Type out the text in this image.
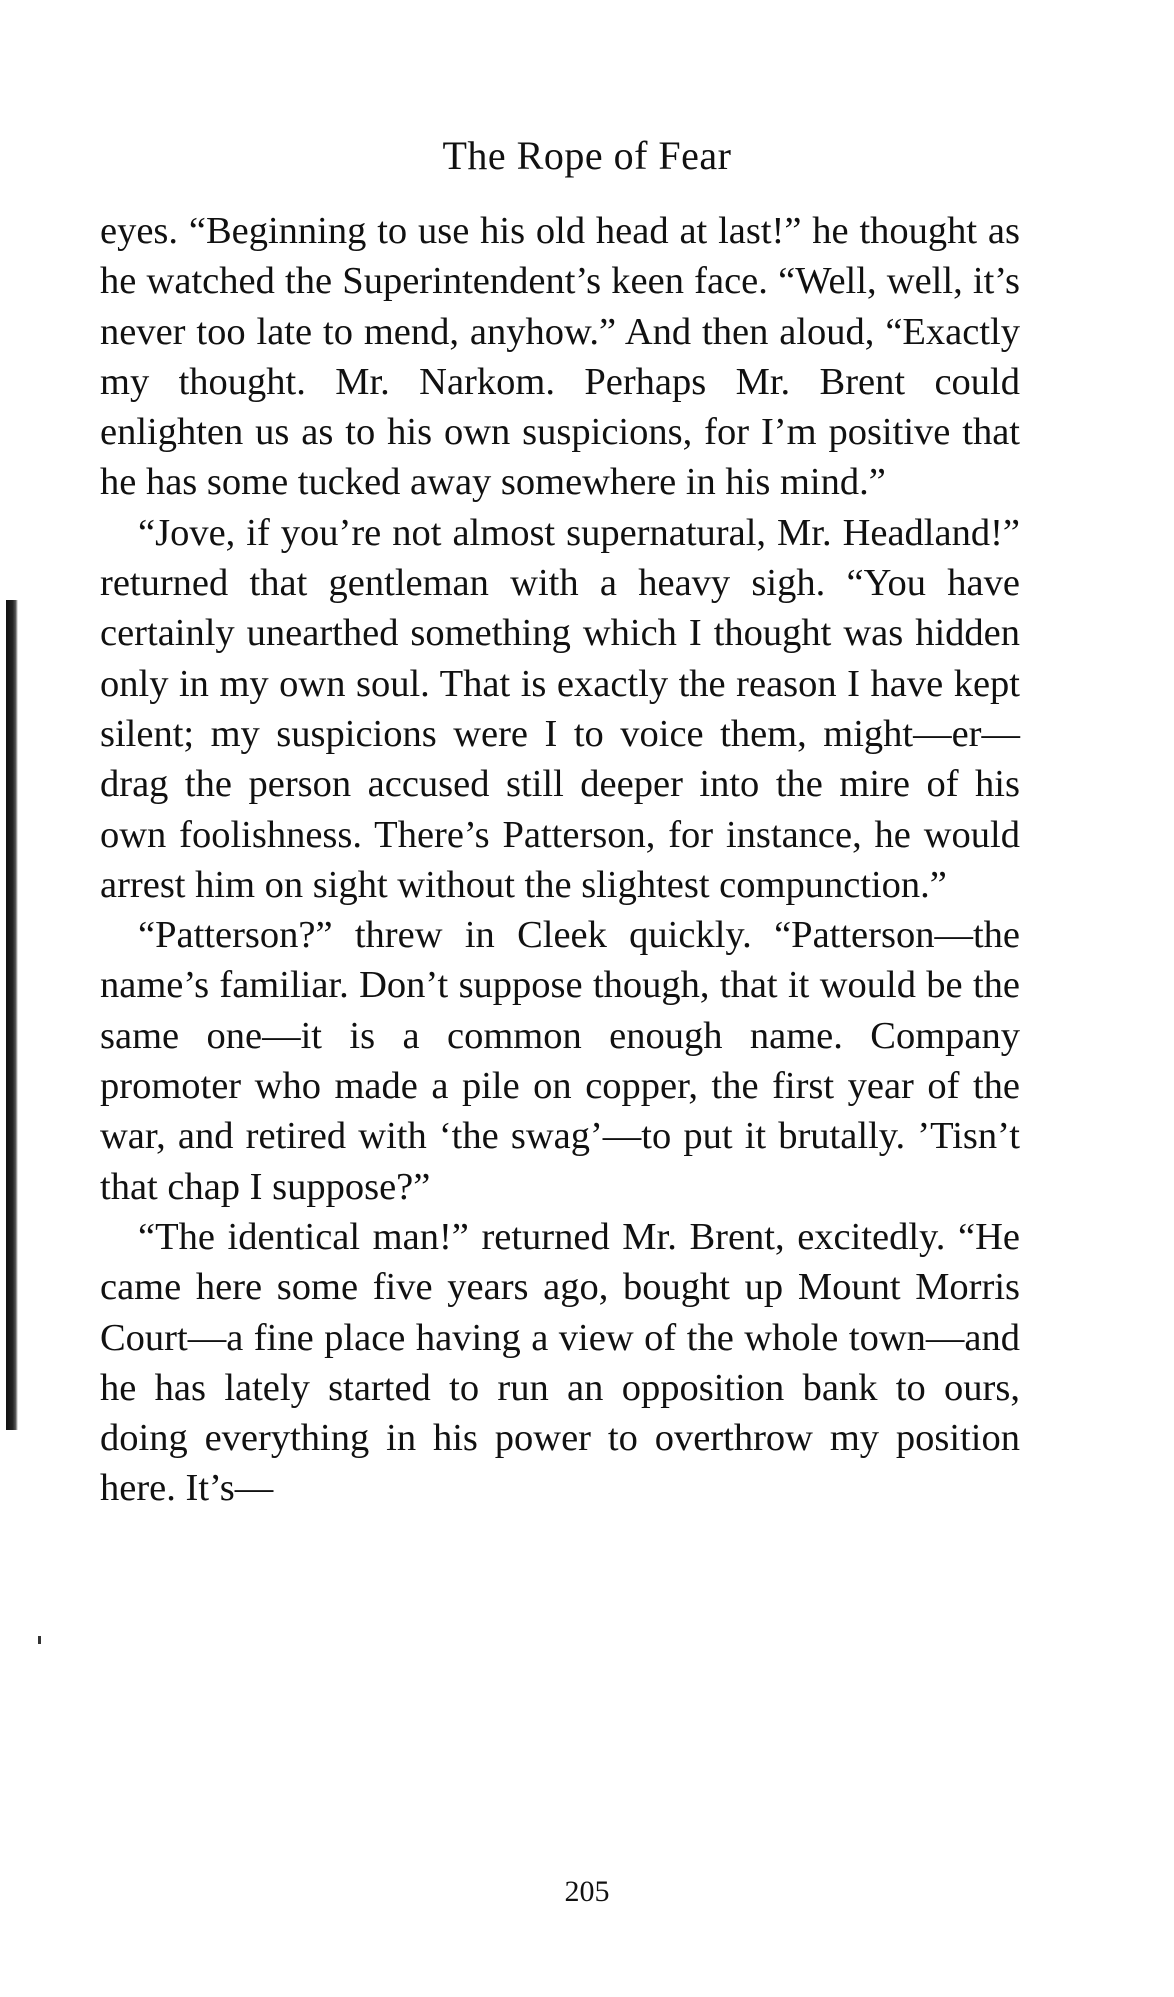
The Rope of Fear

eyes. “Beginning to use his old head at last!” he thought as he watched the Superintendent’s keen face. “Well, well, it’s never too late to mend, anyhow.” And then aloud, “Exactly my thought. Mr. Narkom. Perhaps Mr. Brent could enlighten us as to his own suspicions, for I’m positive that he has some tucked away somewhere in his mind.”

“Jove, if you’re not almost supernatural, Mr. Headland!” returned that gentleman with a heavy sigh. “You have certainly unearthed something which I thought was hidden only in my own soul. That is exactly the reason I have kept silent; my suspicions were I to voice them, might—er—drag the person accused still deeper into the mire of his own foolishness. There’s Patterson, for instance, he would arrest him on sight without the slightest compunction.”

“Patterson?” threw in Cleek quickly. “Patterson—the name’s familiar. Don’t suppose though, that it would be the same one—it is a common enough name. Company promoter who made a pile on copper, the first year of the war, and retired with ‘the swag’—to put it brutally. ’Tisn’t that chap I suppose?”

“The identical man!” returned Mr. Brent, excitedly. “He came here some five years ago, bought up Mount Morris Court—a fine place having a view of the whole town—and he has lately started to run an opposition bank to ours, doing everything in his power to overthrow my position here. It’s—

205
